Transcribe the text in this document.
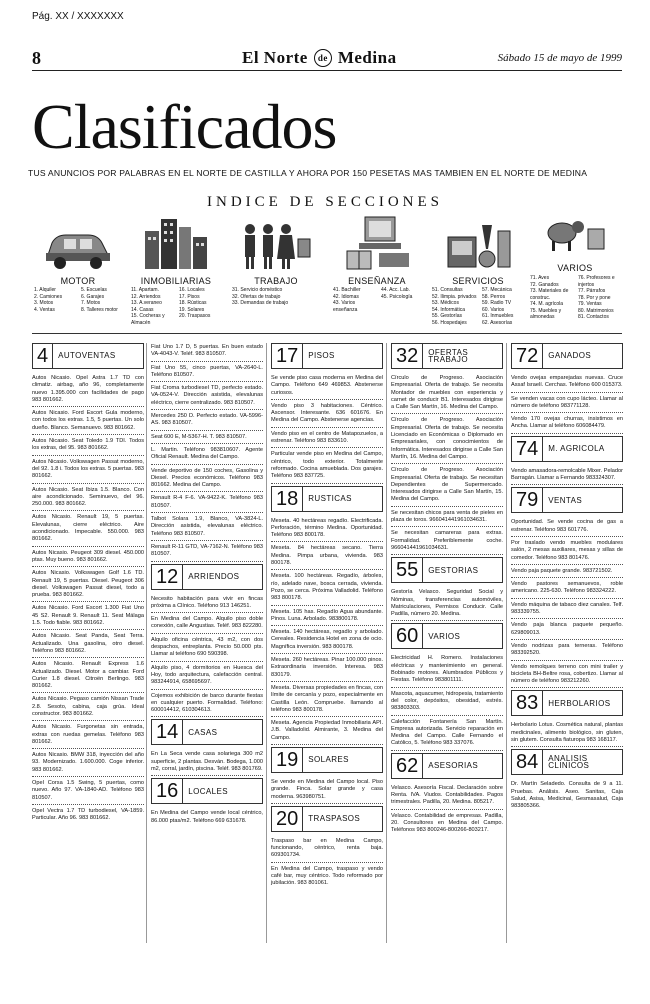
Pág. XX / XXXXXXX
8	El Norte	de Medina	Sábado 15 de mayo de 1999
Clasificados
TUS ANUNCIOS POR PALABRAS EN EL NORTE DE CASTILLA Y AHORA POR 150 PESETAS MAS TAMBIEN EN EL NORTE DE MEDINA
INDICE DE SECCIONES
MOTOR
1. Alquiler
2. Camiones
3. Motos
4. Ventas
5. Escuelas
6. Garajes
7. Motos
8. Talleres motor
INMOBILIARIAS
11. Apartam.
12. Arriendos
13. A.veraneo
14. Casas
15. Cocheras y Almacén
16. Locales
17. Pisos
18. Rústicas
19. Solares
20. Traspasos
TRABAJO
31. Servicio doméstico
32. Ofertas de trabajo
33. Demandas de trabajo
ENSEÑANZA
41. Bachiller
42. Idiomas
43. Varios enseñanza
44. Acc. Lab.
45. Psicología
SERVICIOS
51. Consultas
52. Ilimpia. privados
53. Médicos
54. Informática
55. Gestorías
56. Hospedajes
57. Mecánica
58. Perros
59. Radio TV
60. Varios
61. Inmuebles
62. Asesorías
VARIOS
71. Aves
72. Ganados
73. Materiales de construc.
74. M. agrícola
75. Muebles y almonedas
76. Profesores e injertos
77. Párrafos
78. Por y pone
79. Ventas
80. Matrimonios
81. Contactos
4	AUTOVENTAS
Autos Nicasio. Opel Astra 1.7 TD con climatiz. airbag, año 96, completamente nuevo 1.395.000 con facilidades de pago 983 801662.
Autos Nicasio. Ford Escort Gula moderno, con todos los extras. 1.5, 5 puertas. Un solo dueño. Blanco. Semanuevo. 983 801662.
Autos Nicasio. Seat Toledo 1.9 TDI. Todos los extras, del 95. 983 801662.
Autos Nicasio. Volkswagen Passat moderno, del 92. 1.8 i. Todos los extras. 5 puertas. 983 801662.
Autos Nicasio. Seat Ibiza 1.5. Blanco. Con aire acondicionado. Seminuevo, del 96. 250.000. 983 801662.
Autos Nicasio. Renault 19, 5 puertas. Elevalunas, cierre eléctrico. Aire acondicionado. Impecable. 550.000. 983 801662.
Autos Nicasio. Peugeot 309 diesel. 450.000 ptas. Muy bueno. 983 801662.
Autos Nicasio. Volkswagen Golf 1.6 TD. Renault 19, 5 puertas. Diesel. Peugeot 306 diesel. Volkswagen Passat diesel, todo a prueba. 983 801662.
Autos Nicasio. Ford Escort 1.300 Fiat Uno 45 S2. Renault 9. Renault 11. Seat Málaga 1.5. Todo fiable. 983 801662.
Autos Nicasio. Seat Panda, Seat Terra. Actualizado. Una gasolina, otro diesel. Teléfono 983 801662.
Autos Nicasio. Renault Express 1.6 Actualizado. Diesel. Motor a cambiar. Ford Curier 1.8 diesel. Citroën Berlingo. 983 801662.
Autos Nicasio. Pegaso camión Nissan Trade 2.8. Sesoto, cabina, caja grúa. Ideal constructor. 983 801662.
Autos Nicasio. Furgonetas sin entrada, extras con ruedas gemelas. Teléfono 983 801662.
Autos Nicasio. BMW 318, inyección del año 93. Modernizado. 1.600.000. Coge inferior. 983 801662.
Opel Corsa 1.5 Swing, 5 puertas, como nuevo. Año 97. VA-1840-AD. Teléfono 983 810507.
Opel Vectra 1.7 TD turbodiesel, VA-1859. Particular. Año 96. 983 801662.
Fiat Uno 1.7 D, 5 puertas. En buen estado VA-4043-V. Teléf. 983 810507.
Fiat Uno 55, cinco puertas, VA-2640-L. Teléfono 810507.
Fiat Croma turbodiesel TD, perfecto estado. VA-0524-V. Dirección asistida, elevalunas eléctrico, cierre centralizado. 983 810507.
Mercedes 250 D. Perfecto estado. VA-5996-AS. 983 810507.
Seat 600 E, M-5367-H. T. 983 810507.
L. Martin. Teléfono 983810607. Agente Oficial Renault. Medina del Campo.
Vende deportivo de 150 coches, Gasolina y Diesel. Precios económicos. Teléfono 983 801662. Medina del Campo.
Renault R-4 F-6. VA-9422-K. Teléfono 983 810507.
Talbot Solara 1.9, Blanco, VA-3824-L. Dirección asistida, elevalunas eléctrico. Teléfono 983 810507.
Renault R-11 GTD, VA-7162-N. Teléfono 983 810507.
12	ARRIENDOS
Necesito habitación para vivir en fincas próxima a Clínico. Teléfono 913 146251.
En Medina del Campo. Alquilo piso doble conexión, calle Angustias. Teléf. 983 822280.
Alquilo oficina céntrica, 43 m2, con dos despachos, entreplanta. Precio 50.000 pts. Llamar al teléfono 690 590398.
Alquilo piso, 4 dormitorios en Huesca del Hoy, todo arquitectura, calefacción central. 983244914, 658695697.
Cojemos exhibición de barco durante fiestas en cualquier puerto. Formalidad. Teléfono: 600014412, 610304613.
14	CASAS
En La Seca vende casa solariega 300 m2 superficie, 2 plantas. Desván. Bodega, 1.000 m2, corral, jardín, piscina. Teléf. 983 801769.
16	LOCALES
En Medina del Campo vende local céntrico, 86.000 ptas/m2. Teléfono 669 631678.
17	PISOS
Se vende piso casa moderna en Medina del Campo. Teléfono 649 469853. Abstenerse curiosos.
Vendo piso 3 habitaciones. Céntrico. Ascensor. Interesante. 636 601676. En Medina del Campo. Abstenerse agencias.
Vendo piso en el centro de Matapozuelos, a estrenar. Teléfono 983 833610.
Particular vende piso en Medina del Campo, céntrico, todo exterior. Totalmente reformado. Cocina amueblada. Dos garajes. Teléfono 983 837725.
18	RUSTICAS
Meseta. 40 hectáreas regadío. Electrificada. Perforación, término Medina. Oportunidad. Teléfono 983 800178.
Meseta. 84 hectáreas secano. Tierra Medina. Pimpa urbana, vivienda. 983 800178.
Meseta. 100 hectáreas. Regadío, árboles, río, adelado nave, bosca cerrada, vivienda. Pozo, se cerca. Próxima Valladolid. Teléfono 983 800178.
Meseta. 105 has. Regadío Agua abundante. Pinos. Luna. Arbolado. 983800178.
Meseta. 140 hectáreas, regadío y arbolado. Cereales. Residencia Hotel en zona de ocio. Magnífica inversión. 983 800178.
Meseta. 260 hectáreas. Pinar 100.000 pinos. Extraordinaria inversión. Interesa. 983 830179.
Meseta. Diversas propiedades en fincas, con límite de cercanía y pozo, especialmente en Castilla León. Compruebe. llamando al teléfono 983 800178.
Meseta. Agencia Propiedad Inmobiliaria API. J.B. Valladolid. Almirante, 3. Medina del Campo.
19	SOLARES
Se vende en Medina del Campo local. Piso grande. Finca. Solar grande y casa moderna. 963980751.
20	TRASPASOS
Traspaso bar en Medina Campo, funcionando, céntrico, renta baja. 609301734.
En Medina del Campo, traspaso y vendo café bar, muy céntrico. Todo reformado por jubilación. 983 801061.
32	OFERTAS TRABAJO
Círculo de Progreso. Asociación Empresarial. Oferta de trabajo. Se necesita Montador de muebles con experiencia y carnet de conducir B1. Interesados dirigirse a Calle San Martín, 16. Medina del Campo.
Círculo de Progreso. Asociación Empresarial. Oferta de trabajo. Se necesita Licenciado en Económicas o Diplomado en Empresariales, con conocimientos de Informática. Interesados dirigirse a Calle San Martín, 16. Medina del Campo.
Círculo de Progreso. Asociación Empresarial. Oferta de trabajo. Se necesitan Dependientes de Supermercado. Interesados dirigirse a Calle San Martín, 15. Medina del Campo.
Se necesitan chicos para venta de pieles en plaza de toros. 966041441961034631.
Se necesitan camareras para extras. Formalidad. Preferiblemente coche. 966041441961034631.
55	GESTORIAS
Gestoría Velasco. Seguridad Social y Nóminas, transferencias automóviles, Matriculaciones, Permisos Conducir. Calle Padilla, número 20. Medina.
60	VARIOS
Electricidad H. Romero. Instalaciones eléctricas y mantenimiento en general. Bobinado motores. Alumbrados Públicos y Fiestas. Teléfono 983801111.
Mascota, aquacumer, hidropesia, tratamiento del color, depósitos, obesidad, estrés. 983803303.
Calefacción Fontanería San Martín. Empresa autorizada. Servicio reparación en Medina del Campo. Calle Fernando el Católico, 5. Teléfono 983 337076.
62	ASESORIAS
Velasco. Asesoría Fiscal. Declaración sobre Renta. IVA. Viudos. Contabilidades. Pagos trimestrales. Padilla, 20. Medina. 805217.
Velasco. Contabilidad de empresas. Padilla, 20. Consultores en Medina del Campo. Teléfonos 983 800246-800266-803217.
72	GANADOS
Vendo ovejas emparejadas nuevas. Cruce Assaf Israelí. Cerchas. Teléfono 600 015373.
Se venden vacas con cupo lácteo. Llamar al número de teléfono 983771128.
Vendo 170 ovejas churras, insistimos en Ancha. Llamar al teléfono 606084479.
74	M. AGRICOLA
Vendo amasadora-remolcable Mixer. Pelador Barragán. Llamar a Fernando 983324307.
79	VENTAS
Oportunidad. Se vende cocina de gas a estrenar. Teléfono 983 601776.
Por traslado vendo muebles modulares salón, 2 mesas auxiliares, mesas y sillas de comedor. Teléfono 983 801476.
Vendo paja paquete grande. 983721502.
Vendo pastores semanuevos, roble americano. 225-630. Teléfono 983324222.
Vendo máquina de tabaco diez canales. Telf. 983339755.
Vendo paja blanca paquete pequeño. 629809013.
Vendo nodrizas para terneras. Teléfono 983392520.
Vendo remolques terreno con mini trailer y bicicleta BH-Beltre rosa, cobertizo. Llamar al número de teléfono 983212260.
83	HERBOLARIOS
Herbolario Lotus. Cosmética natural, plantas medicinales, alimento biológico, sin gluten, sin glutem. Consulta fiaturopa 983 168117.
84	ANALISIS CLINICOS
Dr. Martín Seladedo. Consulta de 9 a 11. Pruebas. Análisis. Aseo. Sanitas, Caja Salud, Asisa, Medicinal, Gesmasalud, Caja 983805366.
